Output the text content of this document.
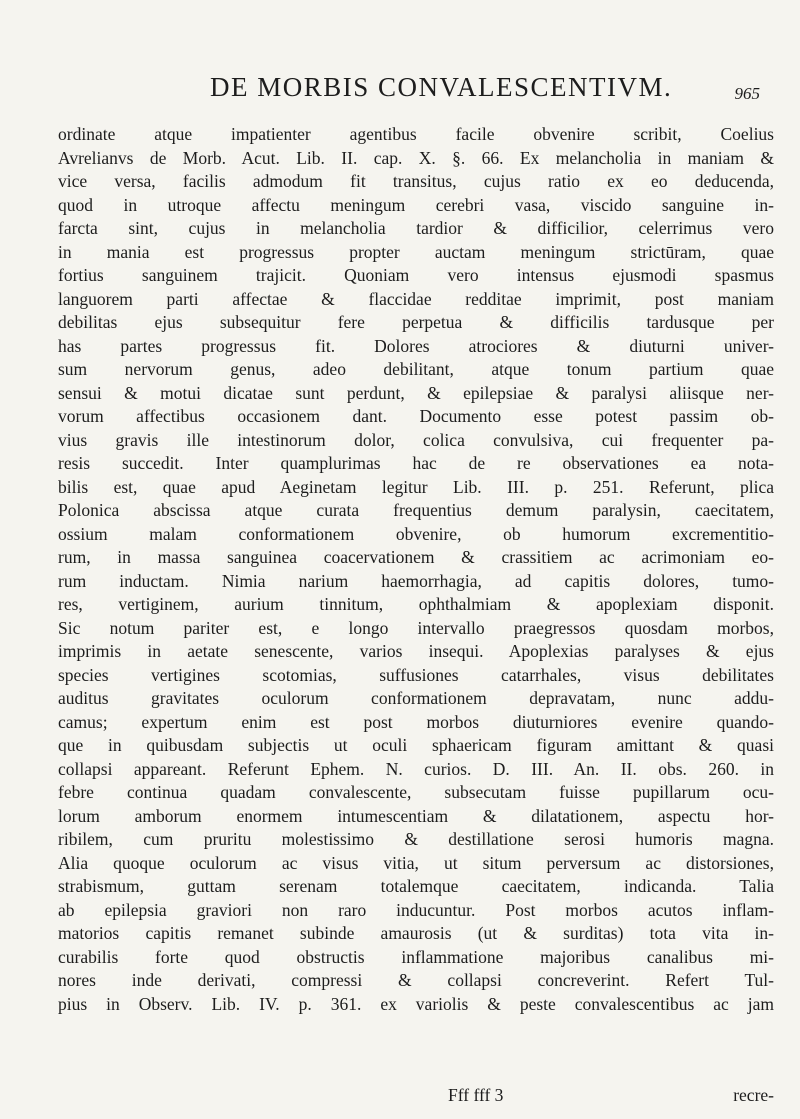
DE MORBIS CONVALESCENTIVM.	965
ordinate atque impatienter agentibus facile obvenire scribit, Coelius
Avrelianvs de Morb. Acut. Lib. II. cap. X. §. 66. Ex melancholia in maniam &
vice versa, facilis admodum fit transitus, cujus ratio ex eo deducenda,
quod in utroque affectu meningum cerebri vasa, viscido sanguine in-
farcta sint, cujus in melancholia tardior & difficilior, celerrimus vero
in mania est progressus propter auctam meningum strictūram, quae
fortius sanguinem trajicit. Quoniam vero intensus ejusmodi spasmus
languorem parti affectae & flaccidae redditae imprimit, post maniam
debilitas ejus subsequitur fere perpetua & difficilis tardusque per
has partes progressus fit. Dolores atrociores & diuturni univer-
sum nervorum genus, adeo debilitant, atque tonum partium quae
sensui & motui dicatae sunt perdunt, & epilepsiae & paralysi aliisque ner-
vorum affectibus occasionem dant. Documento esse potest passim ob-
vius gravis ille intestinorum dolor, colica convulsiva, cui frequenter pa-
resis succedit. Inter quamplurimas hac de re observationes ea nota-
bilis est, quae apud Aeginetam legitur Lib. III. p. 251. Referunt, plica
Polonica abscissa atque curata frequentius demum paralysin, caecitatem,
ossium malam conformationem obvenire, ob humorum excrementitio-
rum, in massa sanguinea coacervationem & crassitiem ac acrimoniam eo-
rum inductam. Nimia narium haemorrhagia, ad capitis dolores, tumo-
res, vertiginem, aurium tinnitum, ophthalmiam & apoplexiam disponit.
Sic notum pariter est, e longo intervallo praegressos quosdam morbos,
imprimis in aetate senescente, varios insequi. Apoplexias paralyses & ejus
species vertigines scotomias, suffusiones catarrhales, visus debilitates
auditus gravitates oculorum conformationem depravatam, nunc addu-
camus; expertum enim est post morbos diuturniores evenire quando-
que in quibusdam subjectis ut oculi sphaericam figuram amittant & quasi
collapsi appareant. Referunt Ephem. N. curios. D. III. An. II. obs. 260. in
febre continua quadam convalescente, subsecutam fuisse pupillarum ocu-
lorum amborum enormem intumescentiam & dilatationem, aspectu hor-
ribilem, cum pruritu molestissimo & destillatione serosi humoris magna.
Alia quoque oculorum ac visus vitia, ut situm perversum ac distorsiones,
strabismum, guttam serenam totalemque caecitatem, indicanda. Talia
ab epilepsia graviori non raro inducuntur. Post morbos acutos inflam-
matorios capitis remanet subinde amaurosis (ut & surditas) tota vita in-
curabilis forte quod obstructis inflammatione majoribus canalibus mi-
nores inde derivati, compressi & collapsi concreverint. Refert Tul-
pius in Observ. Lib. IV. p. 361. ex variolis & peste convalescentibus ac jam
Fff fff 3	recre-
